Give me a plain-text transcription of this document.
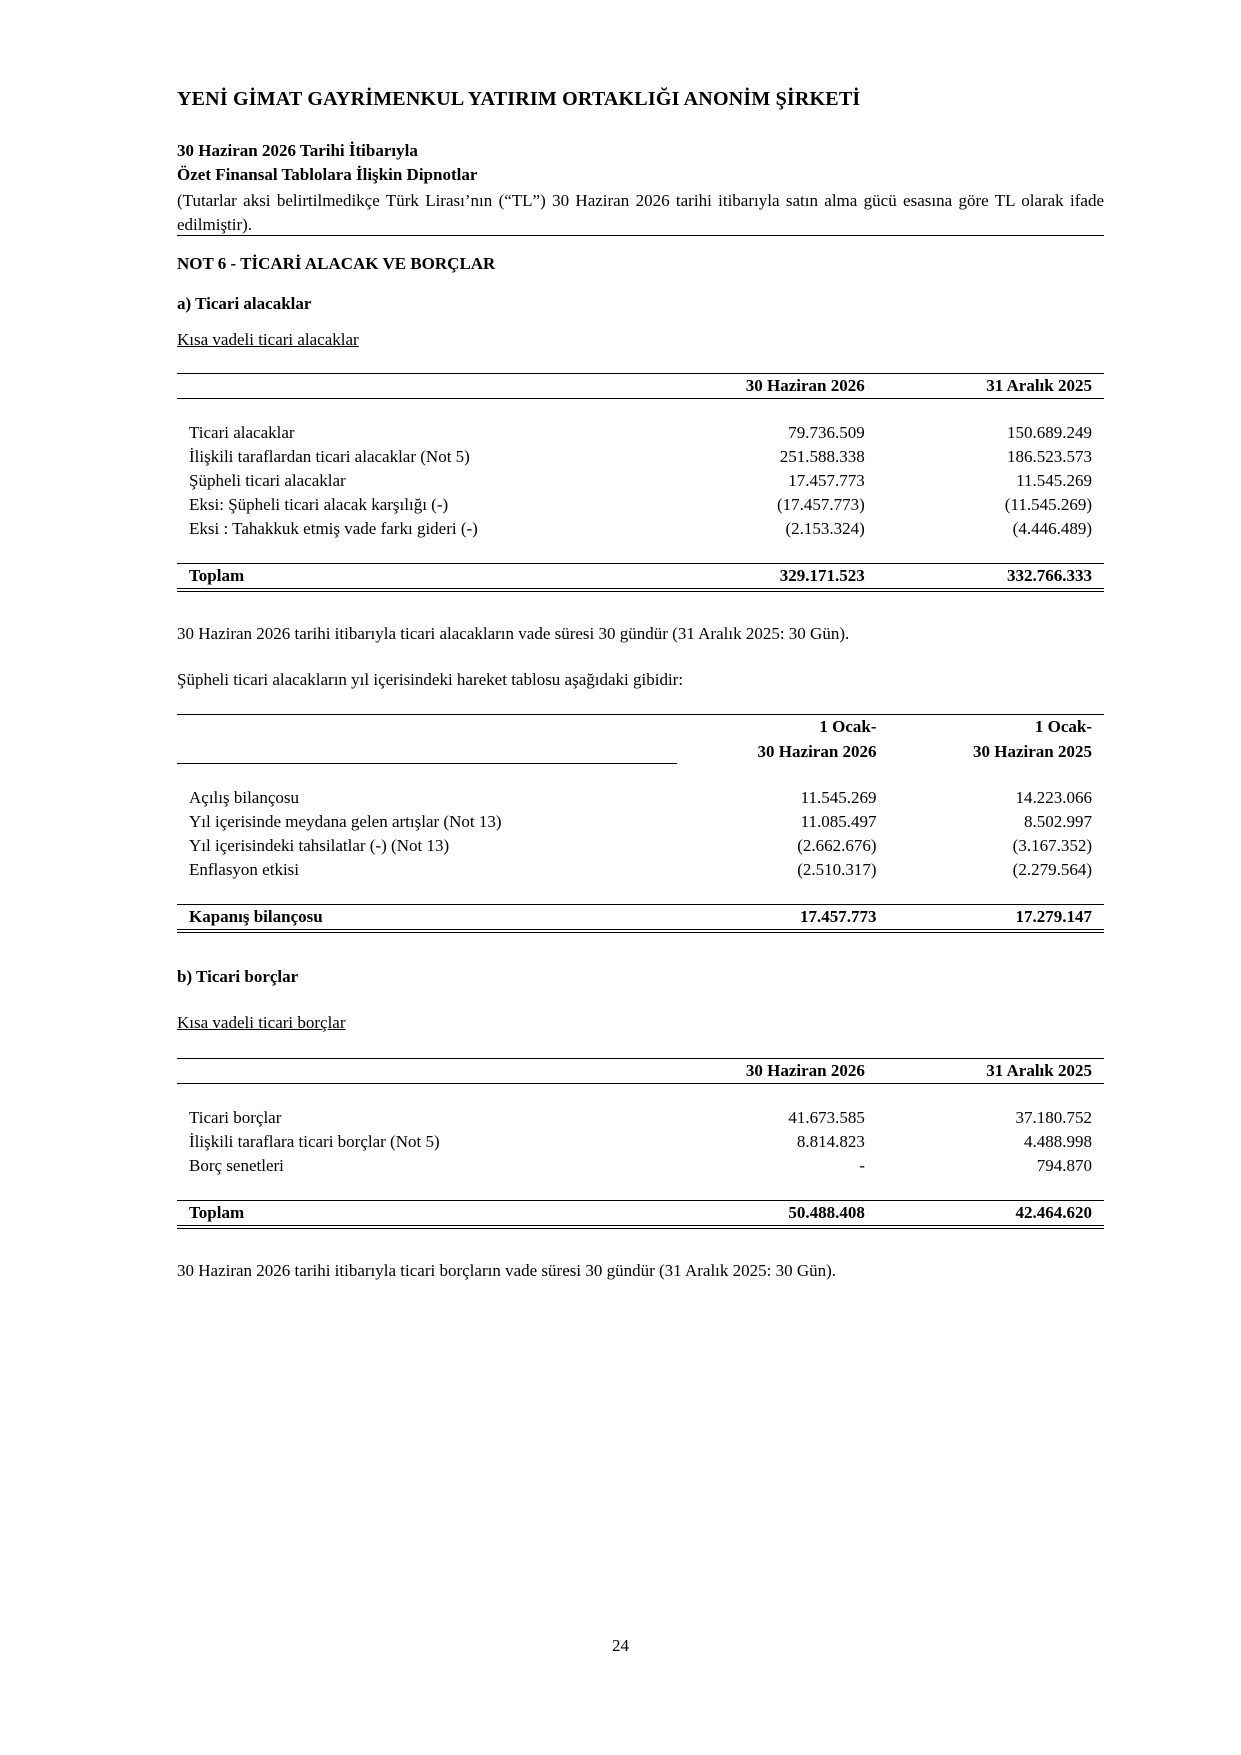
YENİ GİMAT GAYRİMENKUL YATIRIM ORTAKLIĞI ANONİM ŞİRKETİ
30 Haziran 2026 Tarihi İtibarıyla
Özet Finansal Tablolara İlişkin Dipnotlar
(Tutarlar aksi belirtilmedikçe Türk Lirası’nın (“TL”) 30 Haziran 2026 tarihi itibarıyla satın alma gücü esasına göre TL olarak ifade edilmiştir).
NOT 6 - TİCARİ ALACAK VE BORÇLAR
a) Ticari alacaklar
Kısa vadeli ticari alacaklar
	30 Haziran 2026	31 Aralık 2025

Ticari alacaklar	79.736.509	150.689.249
İlişkili taraflardan ticari alacaklar (Not 5)	251.588.338	186.523.573
Şüpheli ticari alacaklar	17.457.773	11.545.269
Eksi: Şüpheli ticari alacak karşılığı (-)	(17.457.773)	(11.545.269)
Eksi : Tahakkuk etmiş vade farkı gideri (-)	(2.153.324)	(4.446.489)

Toplam	329.171.523	332.766.333
30 Haziran 2026 tarihi itibarıyla ticari alacakların vade süresi 30 gündür (31 Aralık 2025: 30 Gün).
Şüpheli ticari alacakların yıl içerisindeki hareket tablosu aşağıdaki gibidir:
	1 Ocak-	1 Ocak-
	30 Haziran 2026	30 Haziran 2025

Açılış bilançosu	11.545.269	14.223.066
Yıl içerisinde meydana gelen artışlar (Not 13)	11.085.497	8.502.997
Yıl içerisindeki tahsilatlar (-) (Not 13)	(2.662.676)	(3.167.352)
Enflasyon etkisi	(2.510.317)	(2.279.564)

Kapanış bilançosu	17.457.773	17.279.147
b) Ticari borçlar
Kısa vadeli ticari borçlar
	30 Haziran 2026	31 Aralık 2025

Ticari borçlar	41.673.585	37.180.752
İlişkili taraflara ticari borçlar (Not 5)	8.814.823	4.488.998
Borç senetleri	-	794.870

Toplam	50.488.408	42.464.620
30 Haziran 2026 tarihi itibarıyla ticari borçların vade süresi 30 gündür (31 Aralık 2025: 30 Gün).
24
